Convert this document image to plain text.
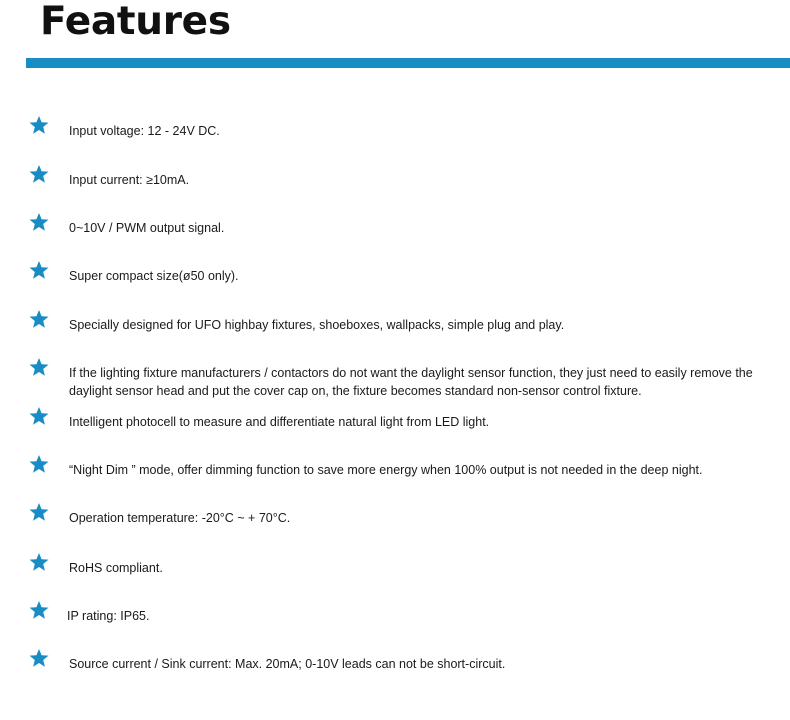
Features
Input voltage: 12 - 24V DC.
Input current: ≥10mA.
0~10V / PWM output signal.
Super compact size(ø50 only).
Specially designed for UFO highbay fixtures, shoeboxes, wallpacks, simple plug and play.
If the lighting fixture manufacturers / contactors do not want the daylight sensor function, they just need to easily remove the daylight sensor head and put the cover cap on, the fixture becomes standard non-sensor control fixture.
Intelligent photocell to measure and differentiate natural light from LED light.
“Night Dim ” mode, offer dimming function to save more energy when 100% output is not needed in the deep night.
Operation temperature: -20°C ~ + 70°C.
RoHS compliant.
IP rating: IP65.
Source current / Sink current: Max. 20mA; 0-10V leads can not be short-circuit.
